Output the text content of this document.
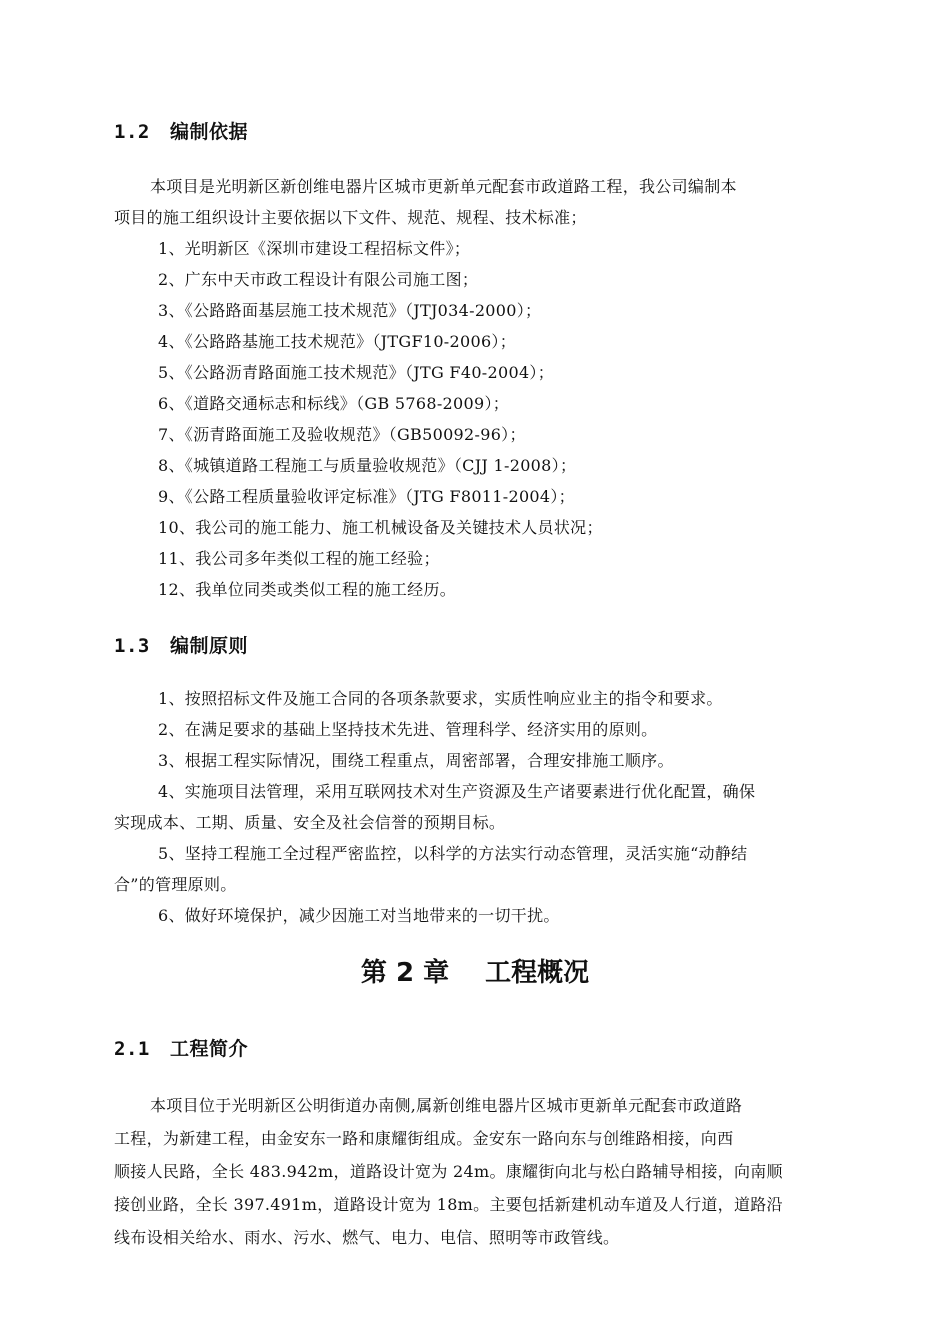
1.2 编制依据
本项目是光明新区新创维电器片区城市更新单元配套市政道路工程，我公司编制本
项目的施工组织设计主要依据以下文件、规范、规程、技术标准；
1、光明新区《深圳市建设工程招标文件》；
2、广东中天市政工程设计有限公司施工图；
3、《公路路面基层施工技术规范》（JTJ034-2000）；
4、《公路路基施工技术规范》（JTGF10-2006）；
5、《公路沥青路面施工技术规范》（JTG F40-2004）；
6、《道路交通标志和标线》（GB 5768-2009）；
7、《沥青路面施工及验收规范》（GB50092-96）；
8、《城镇道路工程施工与质量验收规范》（CJJ 1-2008）；
9、《公路工程质量验收评定标准》（JTG F8011-2004）；
10、我公司的施工能力、施工机械设备及关键技术人员状况；
11、我公司多年类似工程的施工经验；
12、我单位同类或类似工程的施工经历。
1.3 编制原则
1、按照招标文件及施工合同的各项条款要求，实质性响应业主的指令和要求。
2、在满足要求的基础上坚持技术先进、管理科学、经济实用的原则。
3、根据工程实际情况，围绕工程重点，周密部署，合理安排施工顺序。
4、实施项目法管理，采用互联网技术对生产资源及生产诸要素进行优化配置，确保
实现成本、工期、质量、安全及社会信誉的预期目标。
5、坚持工程施工全过程严密监控，以科学的方法实行动态管理，灵活实施“动静结
合”的管理原则。
6、做好环境保护，减少因施工对当地带来的一切干扰。
第 2 章 工程概况
2.1 工程简介
本项目位于光明新区公明街道办南侧,属新创维电器片区城市更新单元配套市政道路
工程，为新建工程，由金安东一路和康耀街组成。金安东一路向东与创维路相接，向西
顺接人民路，全长 483.942m，道路设计宽为 24m。康耀街向北与松白路辅导相接，向南顺
接创业路，全长 397.491m，道路设计宽为 18m。主要包括新建机动车道及人行道，道路沿
线布设相关给水、雨水、污水、燃气、电力、电信、照明等市政管线。
